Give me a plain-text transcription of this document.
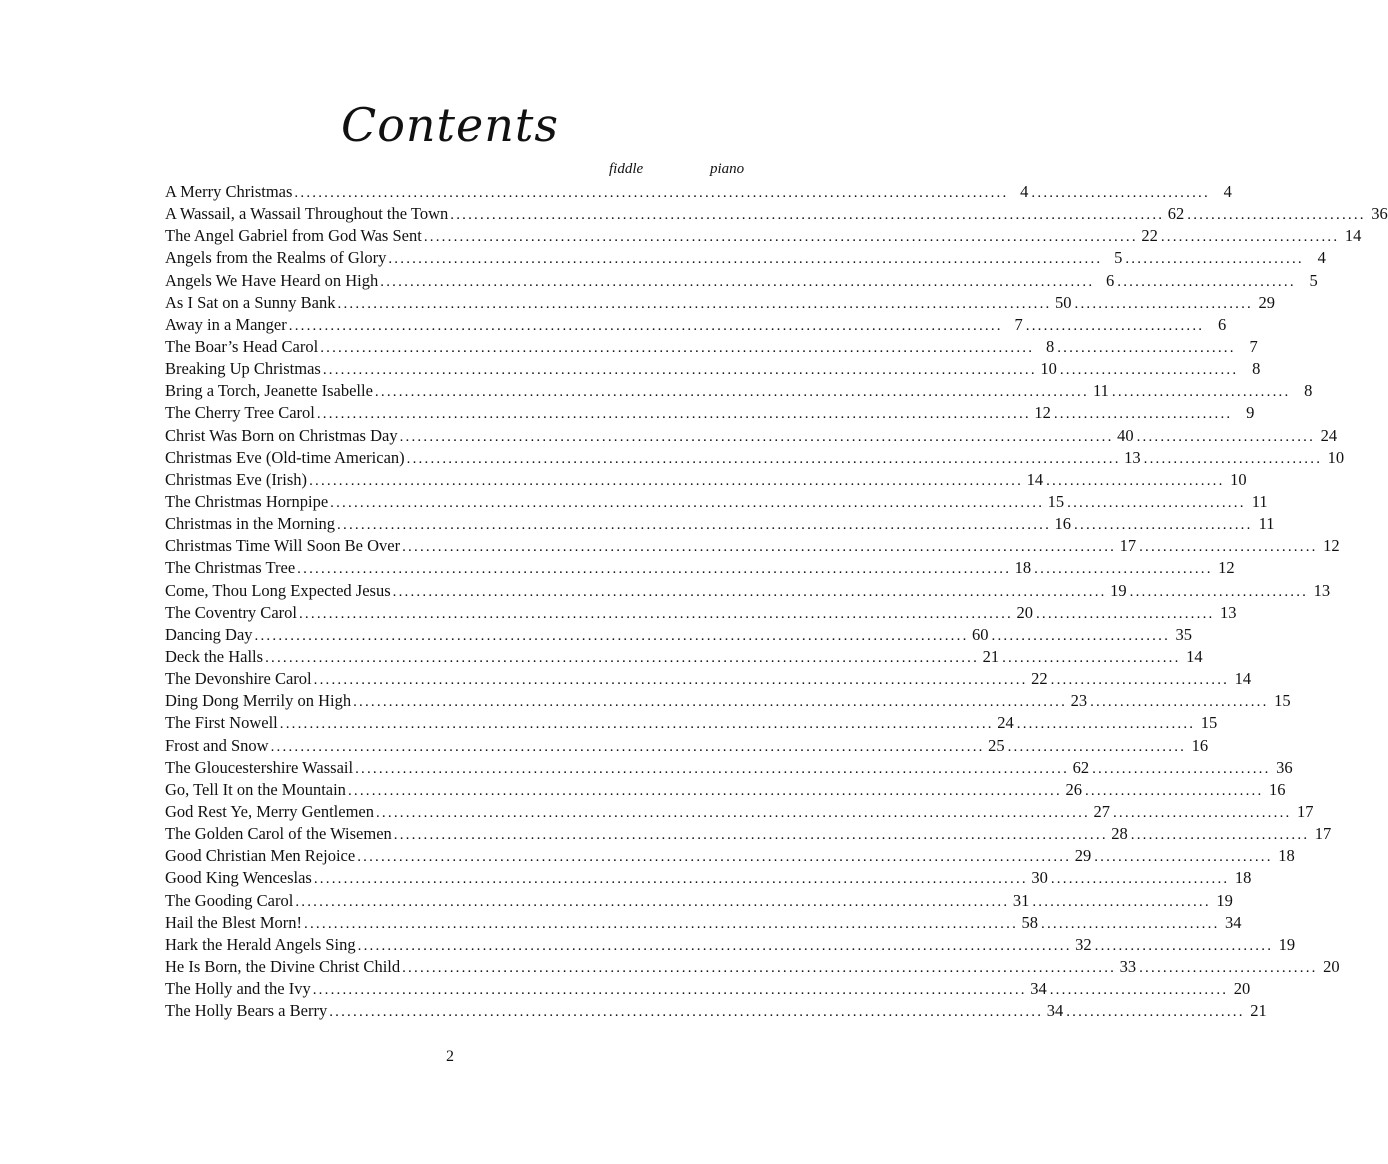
Contents
fiddle	piano
A Merry Christmas ........................................................................................................................ 4 .............................. 4
A Wassail, a Wassail Throughout the Town ........................................................................................................................ 62 .............................. 36
The Angel Gabriel from God Was Sent ........................................................................................................................ 22 .............................. 14
Angels from the Realms of Glory ........................................................................................................................ 5 .............................. 4
Angels We Have Heard on High ........................................................................................................................ 6 .............................. 5
As I Sat on a Sunny Bank ........................................................................................................................ 50 .............................. 29
Away in a Manger ........................................................................................................................ 7 .............................. 6
The Boar’s Head Carol ........................................................................................................................ 8 .............................. 7
Breaking Up Christmas ........................................................................................................................ 10 .............................. 8
Bring a Torch, Jeanette Isabelle ........................................................................................................................ 11 .............................. 8
The Cherry Tree Carol ........................................................................................................................ 12 .............................. 9
Christ Was Born on Christmas Day ........................................................................................................................ 40 .............................. 24
Christmas Eve (Old-time American) ........................................................................................................................ 13 .............................. 10
Christmas Eve (Irish) ........................................................................................................................ 14 .............................. 10
The Christmas Hornpipe ........................................................................................................................ 15 .............................. 11
Christmas in the Morning ........................................................................................................................ 16 .............................. 11
Christmas Time Will Soon Be Over ........................................................................................................................ 17 .............................. 12
The Christmas Tree ........................................................................................................................ 18 .............................. 12
Come, Thou Long Expected Jesus ........................................................................................................................ 19 .............................. 13
The Coventry Carol ........................................................................................................................ 20 .............................. 13
Dancing Day ........................................................................................................................ 60 .............................. 35
Deck the Halls ........................................................................................................................ 21 .............................. 14
The Devonshire Carol ........................................................................................................................ 22 .............................. 14
Ding Dong Merrily on High ........................................................................................................................ 23 .............................. 15
The First Nowell ........................................................................................................................ 24 .............................. 15
Frost and Snow ........................................................................................................................ 25 .............................. 16
The Gloucestershire Wassail ........................................................................................................................ 62 .............................. 36
Go, Tell It on the Mountain ........................................................................................................................ 26 .............................. 16
God Rest Ye, Merry Gentlemen ........................................................................................................................ 27 .............................. 17
The Golden Carol of the Wisemen ........................................................................................................................ 28 .............................. 17
Good Christian Men Rejoice ........................................................................................................................ 29 .............................. 18
Good King Wenceslas ........................................................................................................................ 30 .............................. 18
The Gooding Carol ........................................................................................................................ 31 .............................. 19
Hail the Blest Morn! ........................................................................................................................ 58 .............................. 34
Hark the Herald Angels Sing ........................................................................................................................ 32 .............................. 19
He Is Born, the Divine Christ Child ........................................................................................................................ 33 .............................. 20
The Holly and the Ivy ........................................................................................................................ 34 .............................. 20
The Holly Bears a Berry ........................................................................................................................ 34 .............................. 21
2
